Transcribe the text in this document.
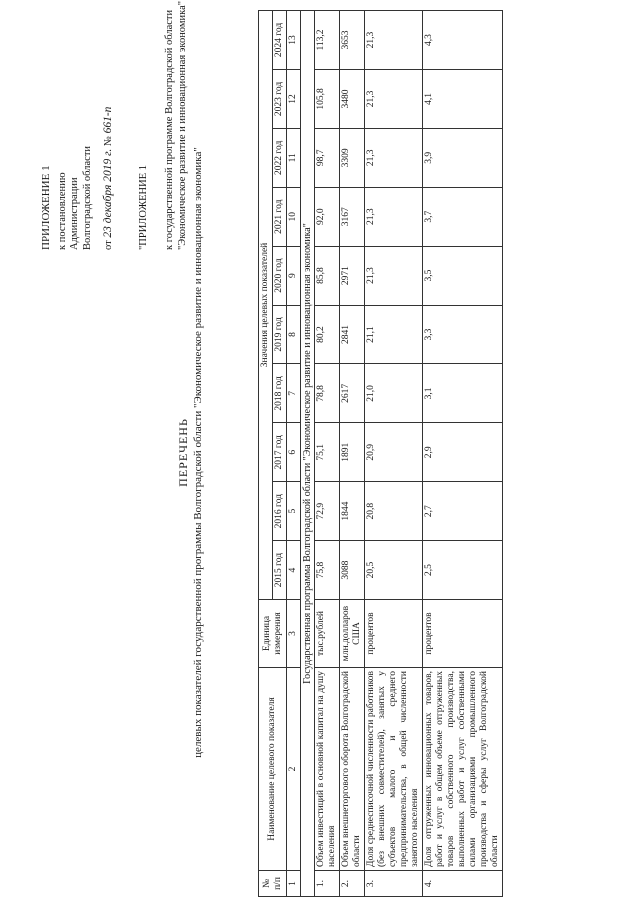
ПРИЛОЖЕНИЕ 1 к постановлению Администрации Волгоградской области от 23 декабря 2019 г. № 661-п
"ПРИЛОЖЕНИЕ 1 к государственной программе Волгоградской области "Экономическое развитие и инновационная экономика"
ПЕРЕЧЕНЬ целевых показателей государственной программы Волгоградской области "Экономическое развитие и инновационная экономика"
№ п/п	Наименование целевого показателя	Единица измерения	Значения целевых показателей									
			2015 год	2016 год	2017 год	2018 год	2019 год	2020 год	2021 год	2022 год	2023 год	2024 год
1	2	3	4	5	6	7	8	9	10	11	12	13
Государственная программа Волгоградской области "Экономическое развитие и инновационная экономика"												
1.	Объем инвестиций в основной капитал на душу населения	тыс.рублей	75,8	72,9	75,1	78,8	80,2	85,8	92,0	98,7	105,8	113,2
2.	Объем внешнеторгового оборота Волгоградской области	млн.долларов США	3088	1844	1891	2617	2841	2971	3167	3309	3480	3653
3.	Доля среднесписочной численности работников (без внешних совместителей), занятых у субъектов малого и среднего предпринимательства, в общей численности занятого населения	процентов	20,5	20,8	20,9	21,0	21,1	21,3	21,3	21,3	21,3	21,3
4.	Доля отгруженных инновационных товаров, работ и услуг в общем объеме отгруженных товаров собственного производства, выполненных работ и услуг собственными силами организациями промышленного производства и сферы услуг Волгоградской области	процентов	2,5	2,7	2,9	3,1	3,3	3,5	3,7	3,9	4,1	4,3
